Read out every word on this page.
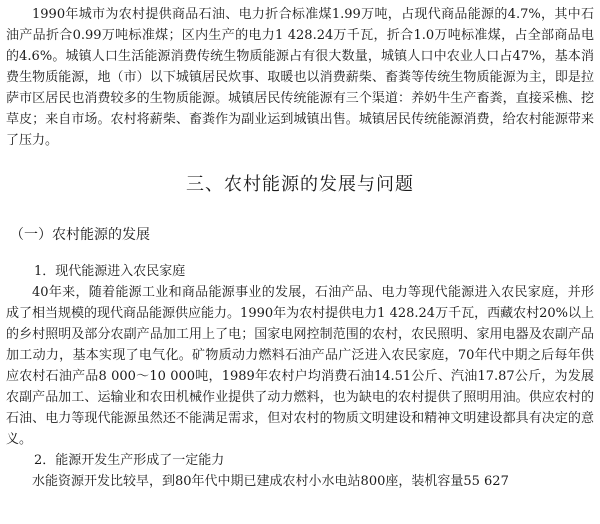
1990年城市为农村提供商品石油、电力折合标准煤1.99万吨，占现代商品能源的4.7%，其中石油产品折合0.99万吨标准煤；区内生产的电力1 428.24万千瓦，折合1.0万吨标准煤，占全部商品电的4.6%。城镇人口生活能源消费传统生物质能源占有很大数量，城镇人口中农业人口占47%，基本消费生物质能源，地（市）以下城镇居民炊事、取暖也以消费薪柴、畜粪等传统生物质能源为主，即是拉萨市区居民也消费较多的生物质能源。城镇居民传统能源有三个渠道：养奶牛生产畜粪，直接采樵、挖草皮；来自市场。农村将薪柴、畜粪作为副业运到城镇出售。城镇居民传统能源消费，给农村能源带来了压力。

三、农村能源的发展与问题
（一）农村能源的发展
1．现代能源进入农民家庭

40年来，随着能源工业和商品能源事业的发展，石油产品、电力等现代能源进入农民家庭，并形成了相当规模的现代商品能源供应能力。1990年为农村提供电力1 428.24万千瓦，西藏农村20%以上的乡村照明及部分农副产品加工用上了电；国家电网控制范围的农村，农民照明、家用电器及农副产品加工动力，基本实现了电气化。矿物质动力燃料石油产品广泛进入农民家庭，70年代中期之后每年供应农村石油产品8 000～10 000吨，1989年农村户均消费石油14.51公斤、汽油17.87公斤，为发展农副产品加工、运输业和农田机械作业提供了动力燃料，也为缺电的农村提供了照明用油。供应农村的石油、电力等现代能源虽然还不能满足需求，但对农村的物质文明建设和精神文明建设都具有决定的意义。

2．能源开发生产形成了一定能力

水能资源开发比较早，到80年代中期已建成农村小水电站800座，装机容量55 627
